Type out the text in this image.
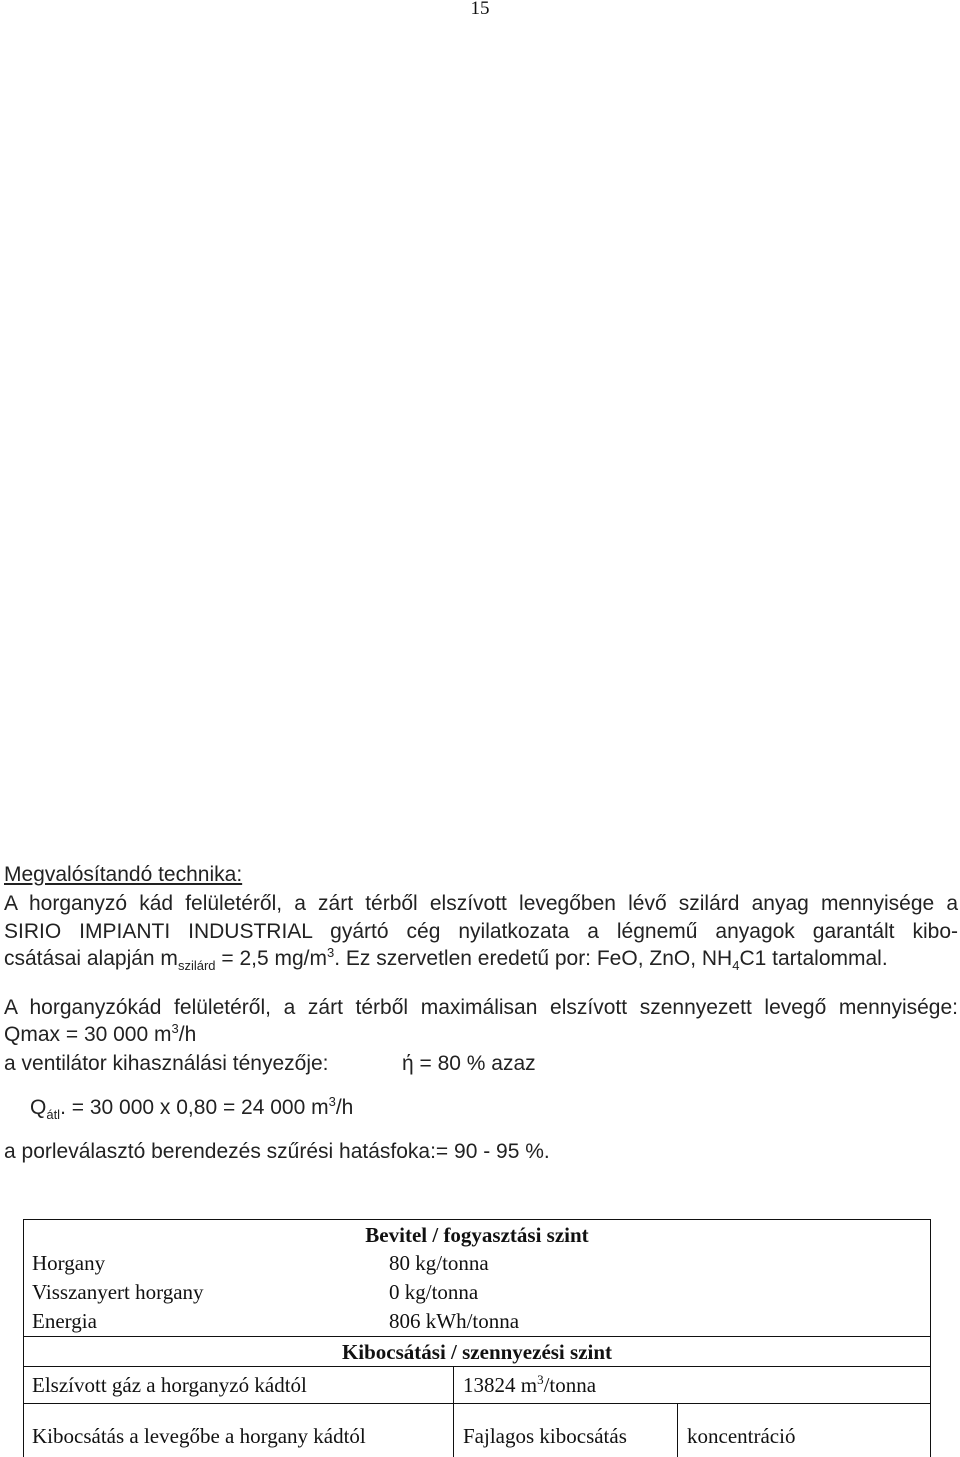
15
Megvalósítandó technika:
A horganyzó kád felületéről, a zárt térből elszívott levegőben lévő szilárd anyag mennyisége a
SIRIO IMPIANTI INDUSTRIAL gyártó cég nyilatkozata a légnemű anyagok garantált kibo-
csátásai alapján $m_{szilárd} = 2,5$ $mg/m^3$. Ez szervetlen eredetű por: FeO, ZnO, $NH_4C1$ tartalommal.
A horganyzókád felületéről, a zárt térből maximálisan elszívott szennyezett levegő mennyisége:
Qmax = 30 000 $m^3/h$
a ventilátor kihasználási tényezője:	ή = 80 % azaz
$Q_{átl}$. = 30 000 x 0,80 = 24 000 $m^3/h$
a porleválasztó berendezés szűrési hatásfoka:= 90 - 95 %.
Bevitel / fogyasztási szint
Horgany	80 kg/tonna
Visszanyert horgany	0 kg/tonna
Energia	806 kWh/tonna
Kibocsátási / szennyezési szint
Elszívott gáz a horganyzó kádtól	13824 $m^3$/tonna
Kibocsátás a levegőbe a horgany kádtól	Fajlagos kibocsátás	koncentráció
